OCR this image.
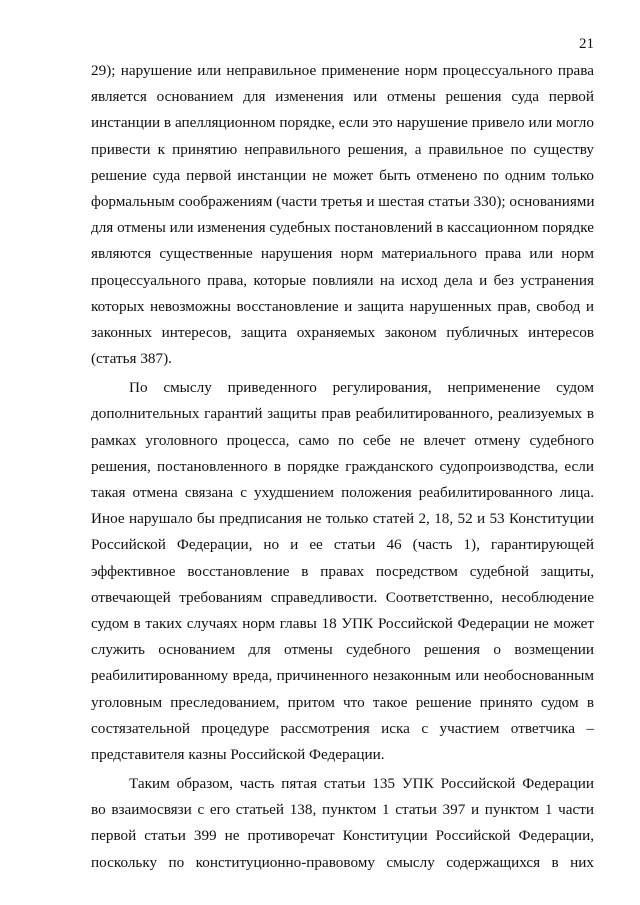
21
29); нарушение или неправильное применение норм процессуального права
является основанием для изменения или отмены решения суда первой
инстанции в апелляционном порядке, если это нарушение привело или могло
привести к принятию неправильного решения, а правильное по существу
решение суда первой инстанции не может быть отменено по одним только
формальным соображениям (части третья и шестая статьи 330); основаниями
для отмены или изменения судебных постановлений в кассационном порядке
являются существенные нарушения норм материального права или норм
процессуального права, которые повлияли на исход дела и без устранения
которых невозможны восстановление и защита нарушенных прав, свобод и
законных интересов, защита охраняемых законом публичных интересов
(статья 387).
По смыслу приведенного регулирования, неприменение судом
дополнительных гарантий защиты прав реабилитированного, реализуемых в
рамках уголовного процесса, само по себе не влечет отмену судебного
решения, постановленного в порядке гражданского судопроизводства, если
такая отмена связана с ухудшением положения реабилитированного лица.
Иное нарушало бы предписания не только статей 2, 18, 52 и 53 Конституции
Российской Федерации, но и ее статьи 46 (часть 1), гарантирующей
эффективное восстановление в правах посредством судебной защиты,
отвечающей требованиям справедливости. Соответственно, несоблюдение
судом в таких случаях норм главы 18 УПК Российской Федерации не может
служить основанием для отмены судебного решения о возмещении
реабилитированному вреда, причиненного незаконным или необоснованным
уголовным преследованием, притом что такое решение принято судом в
состязательной процедуре рассмотрения иска с участием ответчика –
представителя казны Российской Федерации.
Таким образом, часть пятая статьи 135 УПК Российской Федерации
во взаимосвязи с его статьей 138, пунктом 1 статьи 397 и пунктом 1 части
первой статьи 399 не противоречат Конституции Российской Федерации,
поскольку по конституционно-правовому смыслу содержащихся в них
